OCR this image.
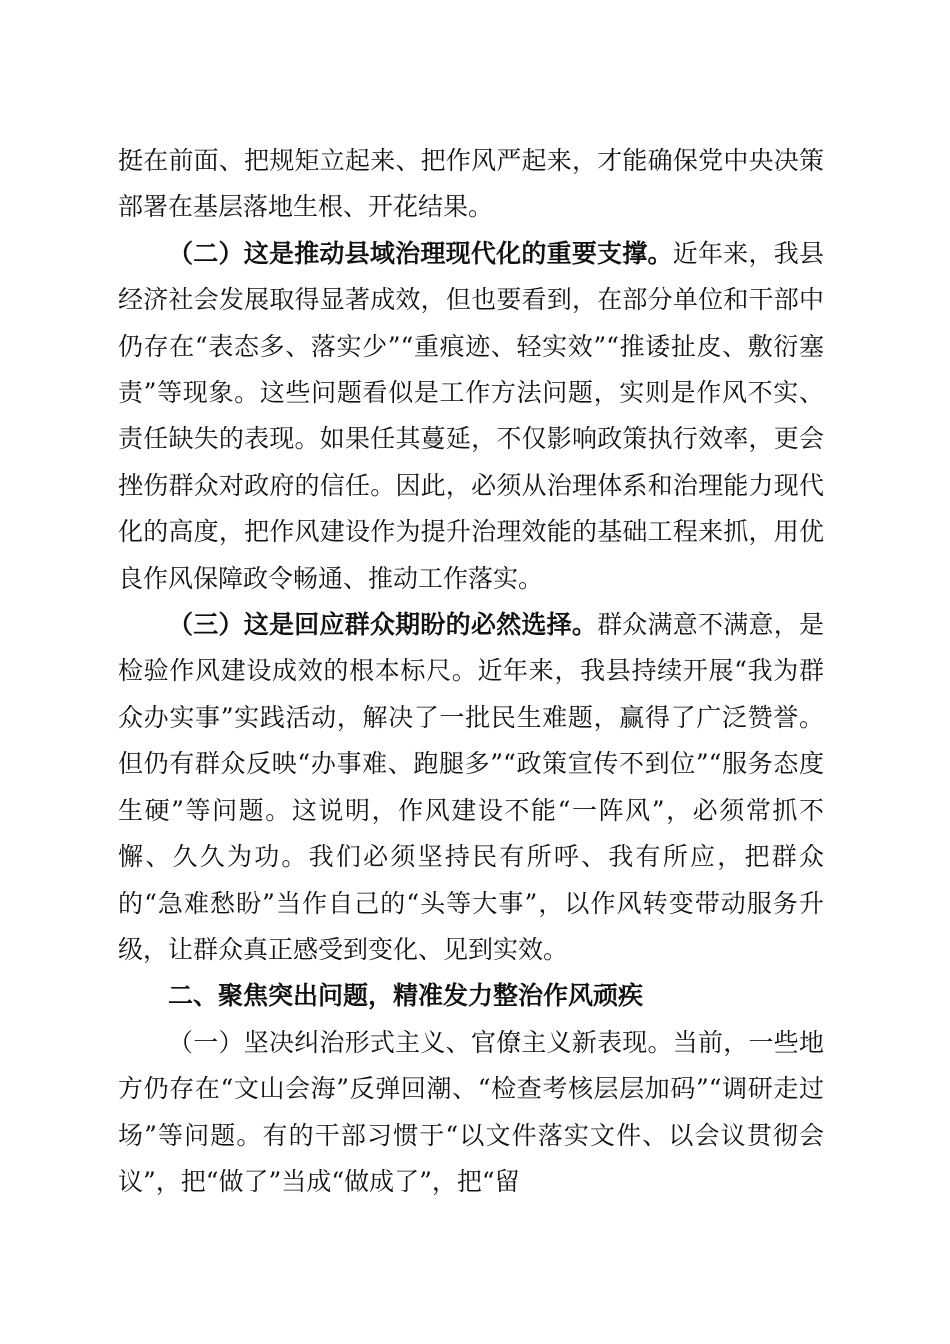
挺在前面、把规矩立起来、把作风严起来，才能确保党中央决策部署在基层落地生根、开花结果。

（二）这是推动县域治理现代化的重要支撑。近年来，我县经济社会发展取得显著成效，但也要看到，在部分单位和干部中仍存在“表态多、落实少”“重痕迹、轻实效”“推诿扯皮、敷衍塞责”等现象。这些问题看似是工作方法问题，实则是作风不实、责任缺失的表现。如果任其蔓延，不仅影响政策执行效率，更会挫伤群众对政府的信任。因此，必须从治理体系和治理能力现代化的高度，把作风建设作为提升治理效能的基础工程来抓，用优良作风保障政令畅通、推动工作落实。

（三）这是回应群众期盼的必然选择。群众满意不满意，是检验作风建设成效的根本标尺。近年来，我县持续开展“我为群众办实事”实践活动，解决了一批民生难题，赢得了广泛赞誉。但仍有群众反映“办事难、跑腿多”“政策宣传不到位”“服务态度生硬”等问题。这说明，作风建设不能“一阵风”，必须常抓不懈、久久为功。我们必须坚持民有所呼、我有所应，把群众的“急难愁盼”当作自己的“头等大事”，以作风转变带动服务升级，让群众真正感受到变化、见到实效。

二、聚焦突出问题，精准发力整治作风顽疾

（一）坚决纠治形式主义、官僚主义新表现。当前，一些地方仍存在“文山会海”反弹回潮、“检查考核层层加码”“调研走过场”等问题。有的干部习惯于“以文件落实文件、以会议贯彻会议”，把“做了”当成“做成了”，把“留
